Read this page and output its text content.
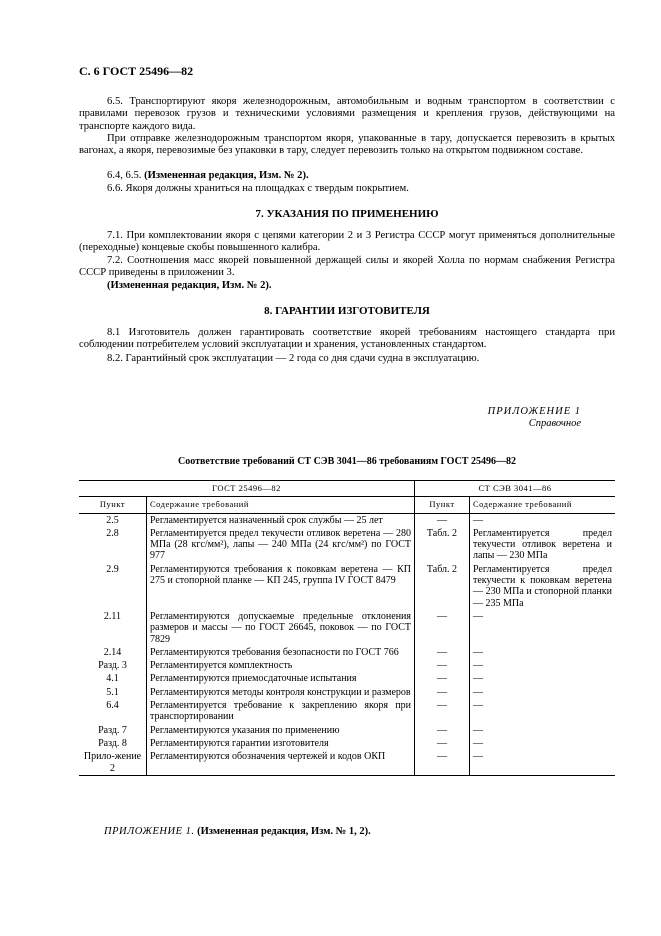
С. 6 ГОСТ 25496—82
6.5. Транспортируют якоря железнодорожным, автомобильным и водным транспортом в соответствии с правилами перевозок грузов и техническими условиями размещения и крепления грузов, действующими на транспорте каждого вида.
При отправке железнодорожным транспортом якоря, упакованные в тару, допускается перевозить в крытых вагонах, а якоря, перевозимые без упаковки в тару, следует перевозить только на открытом подвижном составе.
6.4, 6.5. (Измененная редакция, Изм. № 2).
6.6. Якоря должны храниться на площадках с твердым покрытием.
7. УКАЗАНИЯ ПО ПРИМЕНЕНИЮ
7.1. При комплектовании якоря с цепями категории 2 и 3 Регистра СССР могут применяться дополнительные (переходные) концевые скобы повышенного калибра.
7.2. Соотношения масс якорей повышенной держащей силы и якорей Холла по нормам снабжения Регистра СССР приведены в приложении 3.
(Измененная редакция, Изм. № 2).
8. ГАРАНТИИ ИЗГОТОВИТЕЛЯ
8.1 Изготовитель должен гарантировать соответствие якорей требованиям настоящего стандарта при соблюдении потребителем условий эксплуатации и хранения, установленных стандартом.
8.2. Гарантийный срок эксплуатации — 2 года со дня сдачи судна в эксплуатацию.
ПРИЛОЖЕНИЕ 1
Справочное
Соответствие требований СТ СЭВ 3041—86 требованиям ГОСТ 25496—82
ГОСТ 25496—82		СТ СЭВ 3041—86	
Пункт	Содержание требований	Пункт	Содержание требований
2.5	Регламентируется назначенный срок службы — 25 лет	—	—
2.8	Регламентируется предел текучести отливок веретена — 280 МПа (28 кгс/мм²), лапы — 240 МПа (24 кгс/мм²) по ГОСТ 977	Табл. 2	Регламентируется предел текучести отливок веретена и лапы — 230 МПа
2.9	Регламентируются требования к поковкам веретена — КП 275 и стопорной планке — КП 245, группа IV ГОСТ 8479	Табл. 2	Регламентируется предел текучести к поковкам веретена — 230 МПа и стопорной планки — 235 МПа
2.11	Регламентируются допускаемые предельные отклонения размеров и массы — по ГОСТ 26645, поковок — по ГОСТ 7829	—	—
2.14	Регламентируются требования безопасности по ГОСТ 766	—	—
Разд. 3	Регламентируется комплектность	—	—
4.1	Регламентируются приемосдаточные испытания	—	—
5.1	Регламентируются методы контроля конструкции и размеров	—	—
6.4	Регламентируется требование к закреплению якоря при транспортировании	—	—
Разд. 7	Регламентируются указания по применению	—	—
Разд. 8	Регламентируются гарантии изготовителя	—	—
Прило-жение 2	Регламентируются обозначения чертежей и кодов ОКП	—	—
ПРИЛОЖЕНИЕ 1. (Измененная редакция, Изм. № 1, 2).
